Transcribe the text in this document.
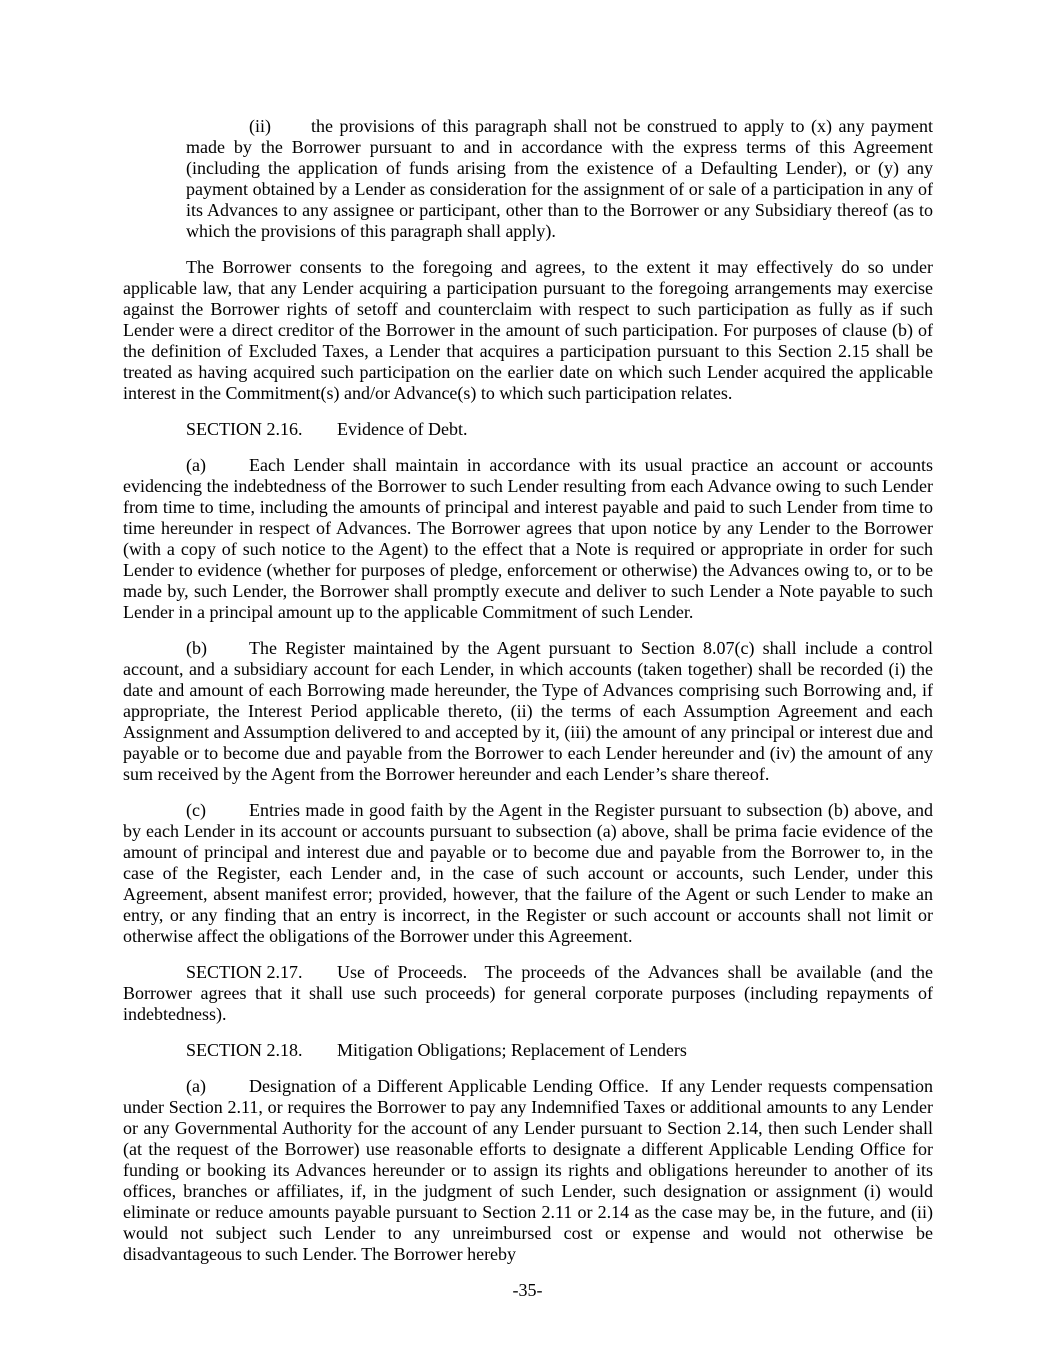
(ii) the provisions of this paragraph shall not be construed to apply to (x) any payment made by the Borrower pursuant to and in accordance with the express terms of this Agreement (including the application of funds arising from the existence of a Defaulting Lender), or (y) any payment obtained by a Lender as consideration for the assignment of or sale of a participation in any of its Advances to any assignee or participant, other than to the Borrower or any Subsidiary thereof (as to which the provisions of this paragraph shall apply).

The Borrower consents to the foregoing and agrees, to the extent it may effectively do so under applicable law, that any Lender acquiring a participation pursuant to the foregoing arrangements may exercise against the Borrower rights of setoff and counterclaim with respect to such participation as fully as if such Lender were a direct creditor of the Borrower in the amount of such participation. For purposes of clause (b) of the definition of Excluded Taxes, a Lender that acquires a participation pursuant to this Section 2.15 shall be treated as having acquired such participation on the earlier date on which such Lender acquired the applicable interest in the Commitment(s) and/or Advance(s) to which such participation relates.

SECTION 2.16. Evidence of Debt.

(a) Each Lender shall maintain in accordance with its usual practice an account or accounts evidencing the indebtedness of the Borrower to such Lender resulting from each Advance owing to such Lender from time to time, including the amounts of principal and interest payable and paid to such Lender from time to time hereunder in respect of Advances. The Borrower agrees that upon notice by any Lender to the Borrower (with a copy of such notice to the Agent) to the effect that a Note is required or appropriate in order for such Lender to evidence (whether for purposes of pledge, enforcement or otherwise) the Advances owing to, or to be made by, such Lender, the Borrower shall promptly execute and deliver to such Lender a Note payable to such Lender in a principal amount up to the applicable Commitment of such Lender.

(b) The Register maintained by the Agent pursuant to Section 8.07(c) shall include a control account, and a subsidiary account for each Lender, in which accounts (taken together) shall be recorded (i) the date and amount of each Borrowing made hereunder, the Type of Advances comprising such Borrowing and, if appropriate, the Interest Period applicable thereto, (ii) the terms of each Assumption Agreement and each Assignment and Assumption delivered to and accepted by it, (iii) the amount of any principal or interest due and payable or to become due and payable from the Borrower to each Lender hereunder and (iv) the amount of any sum received by the Agent from the Borrower hereunder and each Lender’s share thereof.

(c) Entries made in good faith by the Agent in the Register pursuant to subsection (b) above, and by each Lender in its account or accounts pursuant to subsection (a) above, shall be prima facie evidence of the amount of principal and interest due and payable or to become due and payable from the Borrower to, in the case of the Register, each Lender and, in the case of such account or accounts, such Lender, under this Agreement, absent manifest error; provided, however, that the failure of the Agent or such Lender to make an entry, or any finding that an entry is incorrect, in the Register or such account or accounts shall not limit or otherwise affect the obligations of the Borrower under this Agreement.

SECTION 2.17. Use of Proceeds. The proceeds of the Advances shall be available (and the Borrower agrees that it shall use such proceeds) for general corporate purposes (including repayments of indebtedness).

SECTION 2.18. Mitigation Obligations; Replacement of Lenders

(a) Designation of a Different Applicable Lending Office. If any Lender requests compensation under Section 2.11, or requires the Borrower to pay any Indemnified Taxes or additional amounts to any Lender or any Governmental Authority for the account of any Lender pursuant to Section 2.14, then such Lender shall (at the request of the Borrower) use reasonable efforts to designate a different Applicable Lending Office for funding or booking its Advances hereunder or to assign its rights and obligations hereunder to another of its offices, branches or affiliates, if, in the judgment of such Lender, such designation or assignment (i) would eliminate or reduce amounts payable pursuant to Section 2.11 or 2.14 as the case may be, in the future, and (ii) would not subject such Lender to any unreimbursed cost or expense and would not otherwise be disadvantageous to such Lender. The Borrower hereby

-35-
